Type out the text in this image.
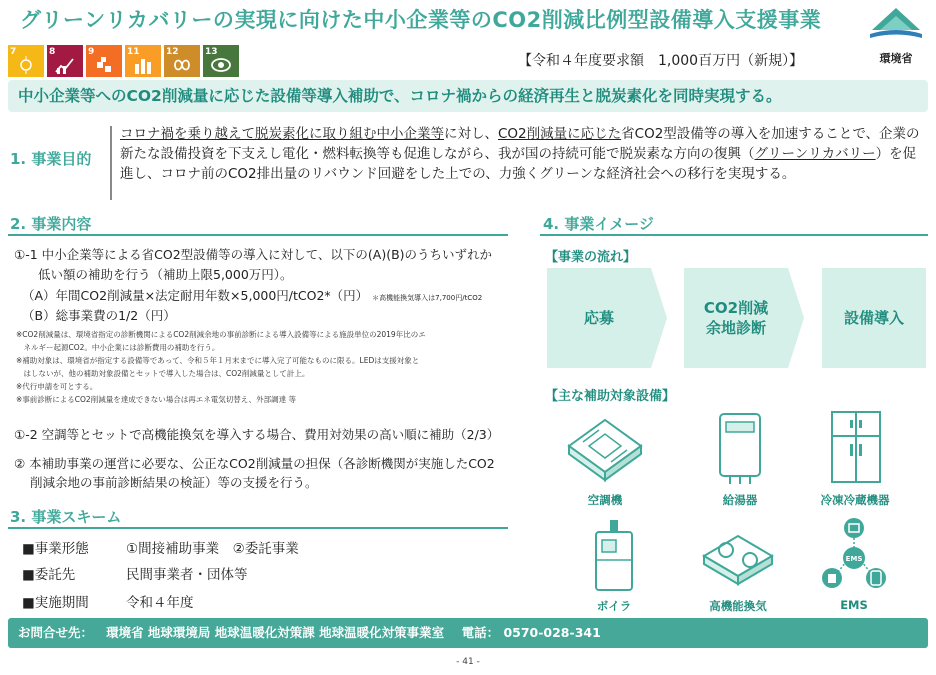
グリーンリカバリーの実現に向けた中小企業等のCO2削減比例型設備導入支援事業
環境省
7	8	9	11	12	13
【令和４年度要求額　1,000百万円（新規）】
中小企業等へのCO2削減量に応じた設備等導入補助で、コロナ禍からの経済再生と脱炭素化を同時実現する。
1. 事業目的
コロナ禍を乗り越えて脱炭素化に取り組む中小企業等に対し、CO2削減量に応じた省CO2型設備等の導入を加速することで、企業の新たな設備投資を下支えし電化・燃料転換等も促進しながら、我が国の持続可能で脱炭素な方向の復興（グリーンリカバリー）を促進し、コロナ前のCO2排出量のリバウンド回避をした上での、力強くグリーンな経済社会への移行を実現する。
2. 事業内容
①-1 中小企業等による省CO2型設備等の導入に対して、以下の(A)(B)のうちいずれか
低い額の補助を行う（補助上限5,000万円）。
（A）年間CO2削減量×法定耐用年数×5,000円/tCO2*（円） ＊高機能換気導入は7,700円/tCO2
（B）総事業費の1/2（円）
※CO2削減量は、環境省指定の診断機関によるCO2削減余地の事前診断による導入設備等による施設単位の2019年比のエ
　ネルギー起源CO2。中小企業には診断費用の補助を行う。
※補助対象は、環境省が指定する設備等であって、令和５年１月末までに導入完了可能なものに限る。LEDは支援対象と
　はしないが、他の補助対象設備とセットで導入した場合は、CO2削減量として計上。
※代行申請を可とする。
※事前診断によるCO2削減量を達成できない場合は再エネ電気切替え、外部調達 等
①-2 空調等とセットで高機能換気を導入する場合、費用対効果の高い順に補助（2/3）
② 本補助事業の運営に必要な、公正なCO2削減量の担保（各診断機関が実施したCO2
削減余地の事前診断結果の検証）等の支援を行う。
3. 事業スキーム
■事業形態	①間接補助事業　②委託事業
■委託先	民間事業者・団体等
■実施期間	令和４年度
4. 事業イメージ
【事業の流れ】
応募
CO2削減
余地診断
設備導入
【主な補助対象設備】
空調機	給湯器	冷凍冷蔵機器
EMS
ボイラ	高機能換気	EMS
お問合せ先： 環境省 地球環境局 地球温暖化対策課 地球温暖化対策事業室 電話： 0570-028-341
- 41 -
